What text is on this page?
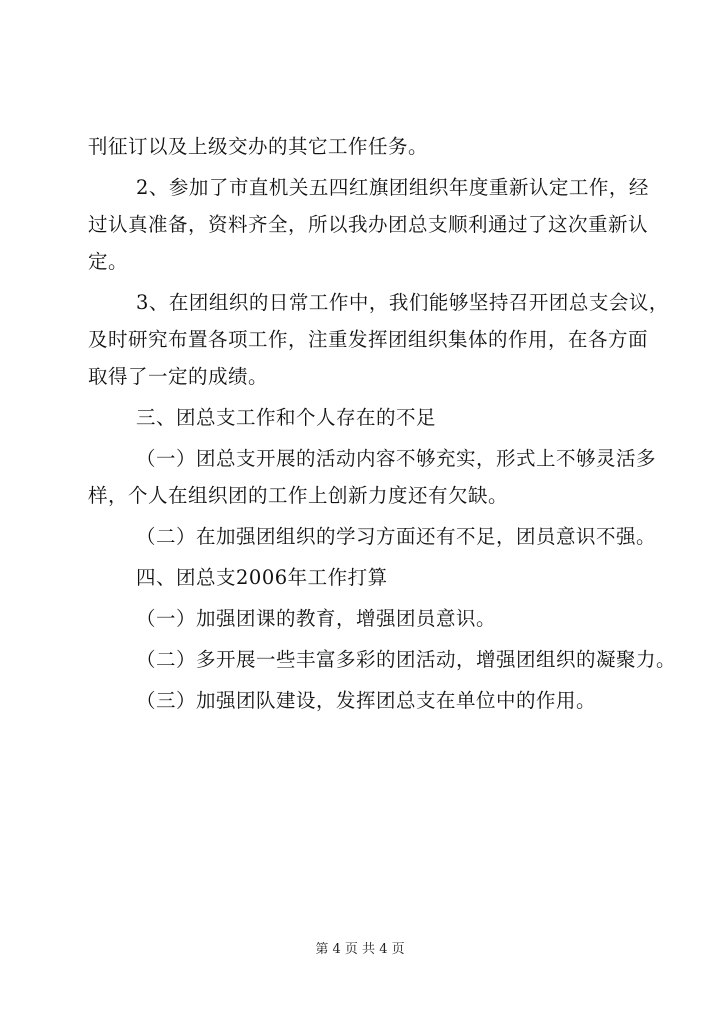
刊征订以及上级交办的其它工作任务。
2、参加了市直机关五四红旗团组织年度重新认定工作，经
过认真准备，资料齐全，所以我办团总支顺利通过了这次重新认
定。
3、在团组织的日常工作中，我们能够坚持召开团总支会议，
及时研究布置各项工作，注重发挥团组织集体的作用，在各方面
取得了一定的成绩。
三、团总支工作和个人存在的不足
（一）团总支开展的活动内容不够充实，形式上不够灵活多
样，个人在组织团的工作上创新力度还有欠缺。
（二）在加强团组织的学习方面还有不足，团员意识不强。
四、团总支2006年工作打算
（一）加强团课的教育，增强团员意识。
（二）多开展一些丰富多彩的团活动，增强团组织的凝聚力。
（三）加强团队建设，发挥团总支在单位中的作用。
第 4 页 共 4 页
